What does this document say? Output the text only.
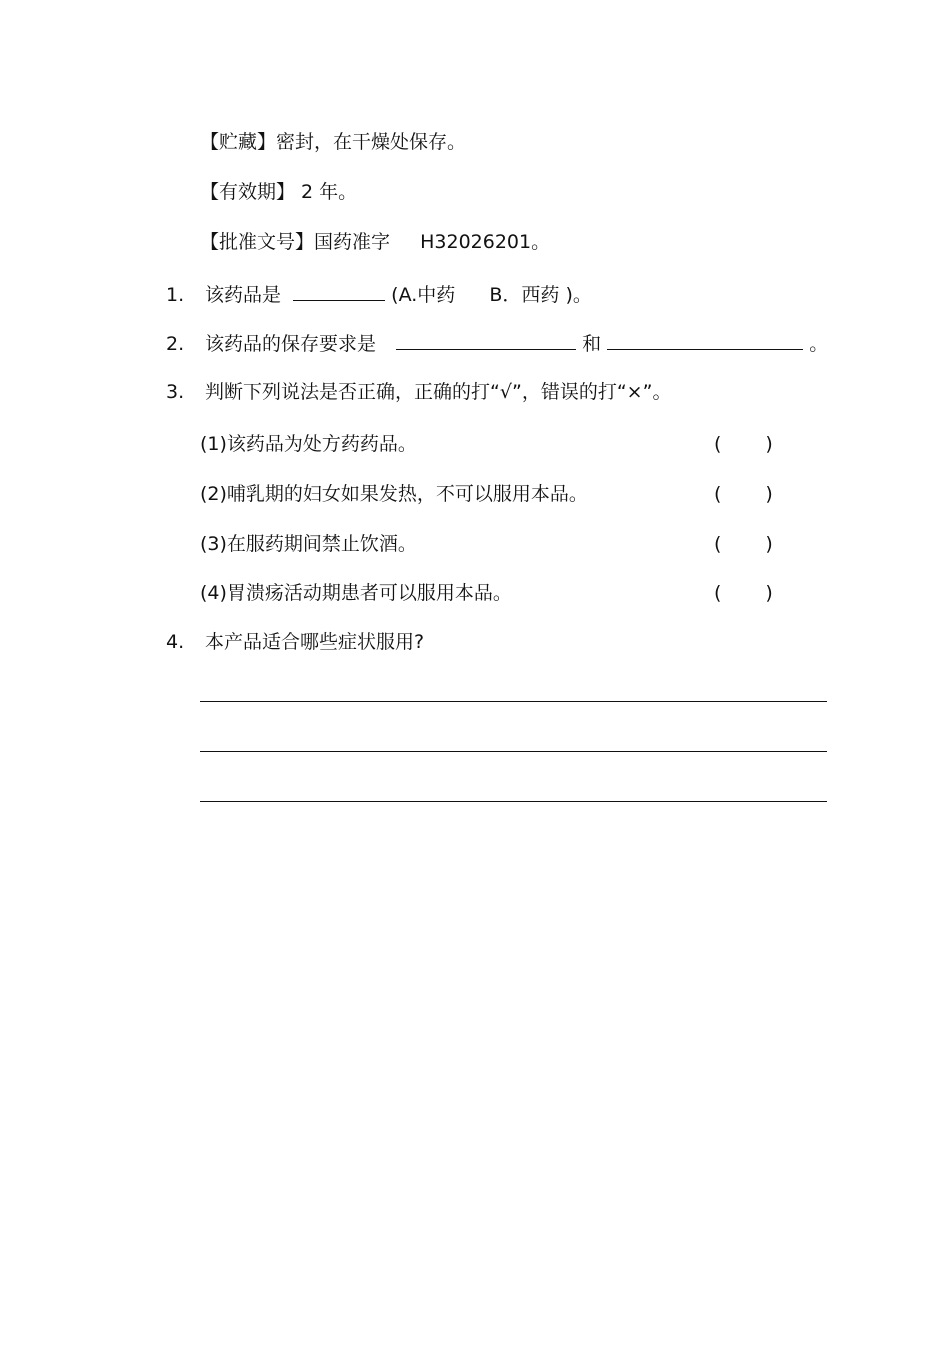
【贮藏】密封，在干燥处保存。
【有效期】 2 年。
【批准文号】国药准字 H32026201。
1. 该药品是	(A.中药 B．西药 )。
2. 该药品的保存要求是	和	。
3. 判断下列说法是否正确，正确的打“√”，错误的打“×”。
(1)该药品为处方药药品。	( )
(2)哺乳期的妇女如果发热，不可以服用本品。	( )
(3)在服药期间禁止饮酒。	( )
(4)胃溃疡活动期患者可以服用本品。	( )
4. 本产品适合哪些症状服用?
